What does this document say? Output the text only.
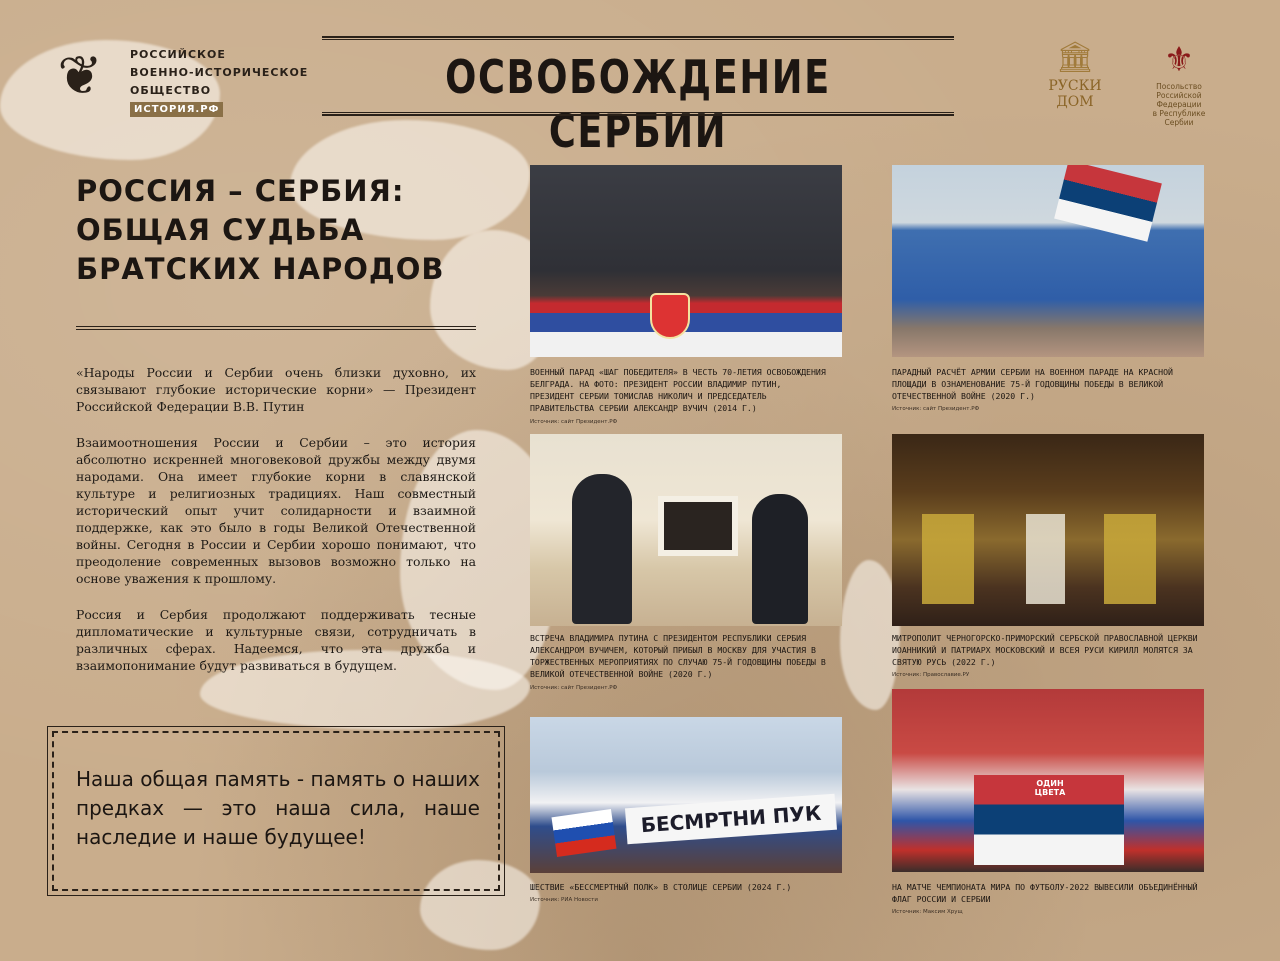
❦	РОССИЙСКОЕ
ВОЕННО-ИСТОРИЧЕСКОЕ
ОБЩЕСТВО
ИСТОРИЯ.РФ
ОСВОБОЖДЕНИЕ СЕРБИИ
🏛
РУСКИ
ДОМ
⚜
Посольство
Российской Федерации
в Республике Сербии
РОССИЯ – СЕРБИЯ:
ОБЩАЯ СУДЬБА
БРАТСКИХ НАРОДОВ

«Народы России и Сербии очень близки духовно, их связывают глубокие исторические корни» — Президент Российской Федерации В.В. Путин

Взаимоотношения России и Сербии – это история абсолютно искренней многовековой дружбы между двумя народами. Она имеет глубокие корни в славянской культуре и религиозных традициях. Наш совместный исторический опыт учит солидарности и взаимной поддержке, как это было в годы Великой Отечественной войны. Сегодня в России и Сербии хорошо понимают, что преодоление современных вызовов возможно только на основе уважения к прошлому.

Россия и Сербия продолжают поддерживать тесные дипломатические и культурные связи, сотрудничать в различных сферах. Надеемся, что эта дружба и взаимопонимание будут развиваться в будущем.

Наша общая память - память о наших предках — это наша сила, наше наследие и наше будущее!
ВОЕННЫЙ ПАРАД «ШАГ ПОБЕДИТЕЛЯ» В ЧЕСТЬ 70-ЛЕТИЯ ОСВОБОЖДЕНИЯ БЕЛГРАДА. НА ФОТО: ПРЕЗИДЕНТ РОССИИ ВЛАДИМИР ПУТИН, ПРЕЗИДЕНТ СЕРБИИ ТОМИСЛАВ НИКОЛИЧ И ПРЕДСЕДАТЕЛЬ ПРАВИТЕЛЬСТВА СЕРБИИ АЛЕКСАНДР ВУЧИЧ (2014 Г.)
Источник: сайт Президент.РФ
ПАРАДНЫЙ РАСЧЁТ АРМИИ СЕРБИИ НА ВОЕННОМ ПАРАДЕ НА КРАСНОЙ ПЛОЩАДИ В ОЗНАМЕНОВАНИЕ 75-Й ГОДОВЩИНЫ ПОБЕДЫ В ВЕЛИКОЙ ОТЕЧЕСТВЕННОЙ ВОЙНЕ (2020 Г.)
Источник: сайт Президент.РФ
ВСТРЕЧА ВЛАДИМИРА ПУТИНА С ПРЕЗИДЕНТОМ РЕСПУБЛИКИ СЕРБИЯ АЛЕКСАНДРОМ ВУЧИЧЕМ, КОТОРЫЙ ПРИБЫЛ В МОСКВУ ДЛЯ УЧАСТИЯ В ТОРЖЕСТВЕННЫХ МЕРОПРИЯТИЯХ ПО СЛУЧАЮ 75-Й ГОДОВЩИНЫ ПОБЕДЫ В ВЕЛИКОЙ ОТЕЧЕСТВЕННОЙ ВОЙНЕ (2020 Г.)
Источник: сайт Президент.РФ
МИТРОПОЛИТ ЧЕРНОГОРСКО-ПРИМОРСКИЙ СЕРБСКОЙ ПРАВОСЛАВНОЙ ЦЕРКВИ ИОАННИКИЙ И ПАТРИАРХ МОСКОВСКИЙ И ВСЕЯ РУСИ КИРИЛЛ МОЛЯТСЯ ЗА СВЯТУЮ РУСЬ (2022 Г.)
Источник: Православие.РУ
БЕСМРТНИ ПУК
ШЕСТВИЕ «БЕССМЕРТНЫЙ ПОЛК» В СТОЛИЦЕ СЕРБИИ (2024 Г.)
Источник: РИА Новости
ОДИН ЦВЕТА
НА МАТЧЕ ЧЕМПИОНАТА МИРА ПО ФУТБОЛУ-2022 ВЫВЕСИЛИ ОБЪЕДИНЁННЫЙ ФЛАГ РОССИИ И СЕРБИИ
Источник: Максим Хрущ
